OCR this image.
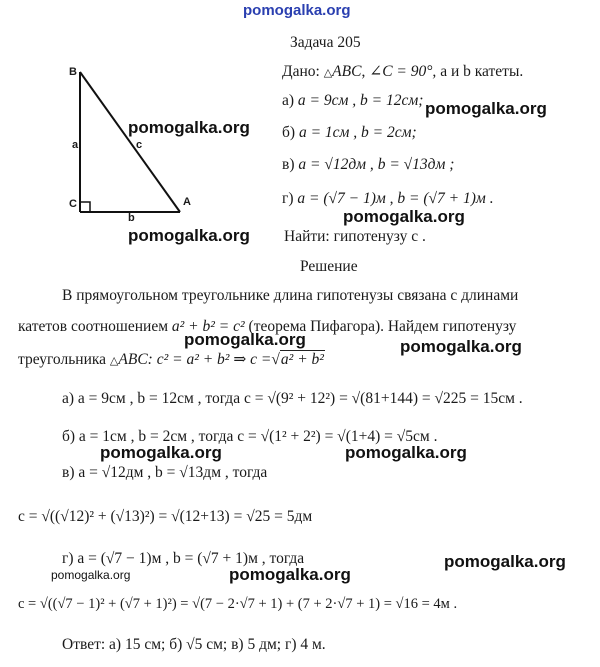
pomogalka.org
Задача 205
B
C	A
a
b
c
Дано: △ABC, ∠C = 90°, a и b катеты.
а) a = 9см , b = 12см;
б) a = 1см , b = 2см;
в) a = √12дм , b = √13дм ;
г) a = (√7 − 1)м , b = (√7 + 1)м .
Найти: гипотенузу c .
Решение
В прямоугольном треугольнике длина гипотенузы связана с длинами
катетов соотношением a² + b² = c² (теорема Пифагора). Найдем гипотенузу
треугольника △ABC: c² = a² + b² ⇒ c =√a² + b²
а) a = 9см , b = 12см , тогда c = √(9² + 12²) = √(81+144) = √225 = 15см .
б) a = 1см , b = 2см , тогда c = √(1² + 2²) = √(1+4) = √5см .
в) a = √12дм , b = √13дм , тогда
c = √((√12)² + (√13)²) = √(12+13) = √25 = 5дм
г) a = (√7 − 1)м , b = (√7 + 1)м , тогда
c = √((√7 − 1)² + (√7 + 1)²) = √(7 − 2·√7 + 1) + (7 + 2·√7 + 1) = √16 = 4м .
Ответ: а) 15 см; б) √5 см; в) 5 дм; г) 4 м.
pomogalka.org
pomogalka.org
pomogalka.org
pomogalka.org
pomogalka.org	pomogalka.org
pomogalka.org	pomogalka.org
pomogalka.org
pomogalka.org
pomogalka.org
